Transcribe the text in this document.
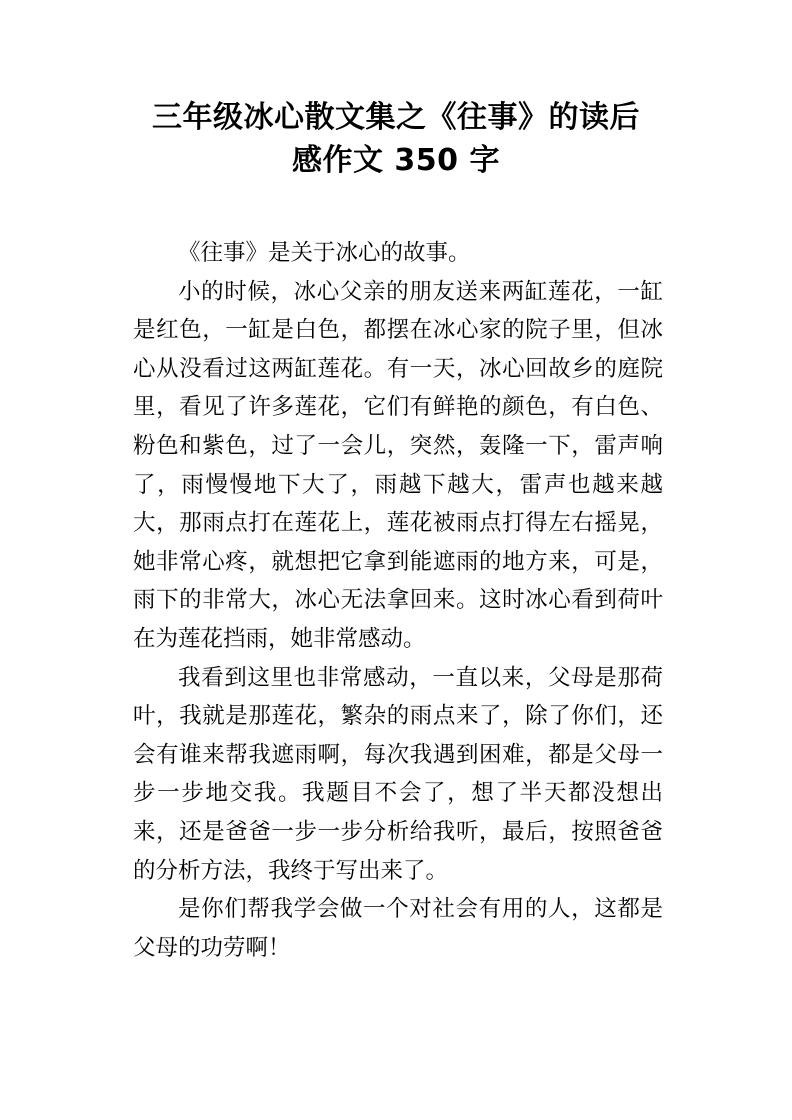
三年级冰心散文集之《往事》的读后
感作文 350 字

《往事》是关于冰心的故事。

小的时候，冰心父亲的朋友送来两缸莲花，一缸是红色，一缸是白色，都摆在冰心家的院子里，但冰心从没看过这两缸莲花。有一天，冰心回故乡的庭院里，看见了许多莲花，它们有鲜艳的颜色，有白色、粉色和紫色，过了一会儿，突然，轰隆一下，雷声响了，雨慢慢地下大了，雨越下越大，雷声也越来越大，那雨点打在莲花上，莲花被雨点打得左右摇晃，她非常心疼，就想把它拿到能遮雨的地方来，可是，雨下的非常大，冰心无法拿回来。这时冰心看到荷叶在为莲花挡雨，她非常感动。

我看到这里也非常感动，一直以来，父母是那荷叶，我就是那莲花，繁杂的雨点来了，除了你们，还会有谁来帮我遮雨啊，每次我遇到困难，都是父母一步一步地交我。我题目不会了，想了半天都没想出来，还是爸爸一步一步分析给我听，最后，按照爸爸的分析方法，我终于写出来了。

是你们帮我学会做一个对社会有用的人，这都是父母的功劳啊！
